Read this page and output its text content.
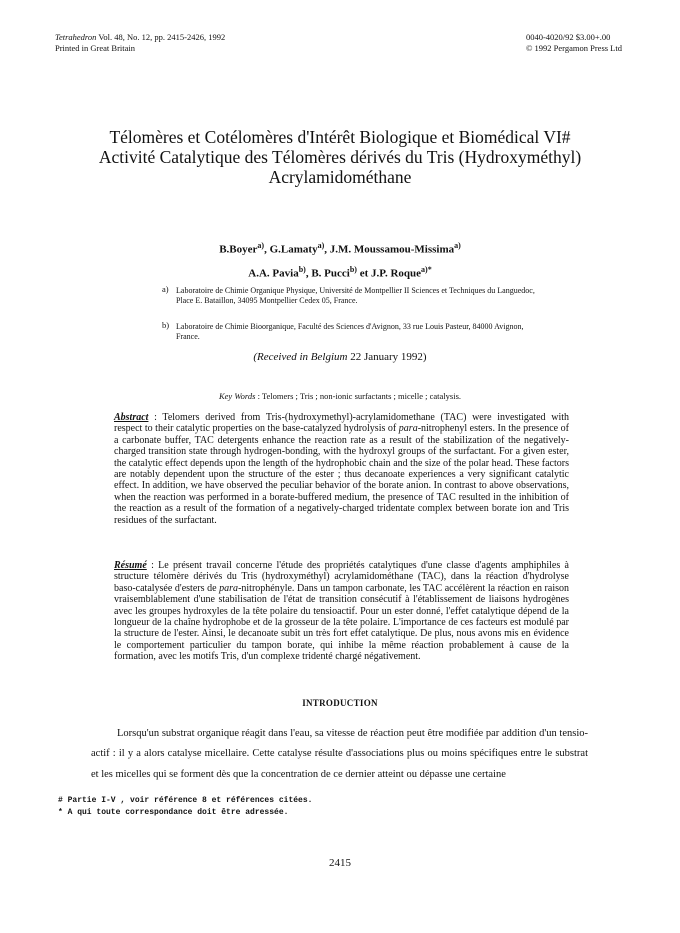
Tetrahedron Vol. 48, No. 12, pp. 2415-2426, 1992
Printed in Great Britain
0040-4020/92 $3.00+.00
© 1992 Pergamon Press Ltd
Télomères et Cotélomères d'Intérêt Biologique et Biomédical VI#
Activité Catalytique des Télomères dérivés du Tris (Hydroxyméthyl)
Acrylamidométhane
B.Boyer$^{a)}$, G.Lamaty$^{a)}$, J.M. Moussamou-Missima$^{a)}$
A.A. Pavia$^{b)}$, B. Pucci$^{b)}$ et J.P. Roque$^{a)*}$
a) Laboratoire de Chimie Organique Physique, Université de Montpellier II Sciences et Techniques du Languedoc, Place E. Bataillon, 34095 Montpellier Cedex 05, France.
b) Laboratoire de Chimie Bioorganique, Faculté des Sciences d'Avignon, 33 rue Louis Pasteur, 84000 Avignon, France.
(Received in Belgium 22 January 1992)
Key Words : Telomers ; Tris ; non-ionic surfactants ; micelle ; catalysis.
Abstract : Telomers derived from Tris-(hydroxymethyl)-acrylamidomethane (TAC) were investigated with respect to their catalytic properties on the base-catalyzed hydrolysis of para-nitrophenyl esters. In the presence of a carbonate buffer, TAC detergents enhance the reaction rate as a result of the stabilization of the negatively-charged transition state through hydrogen-bonding, with the hydroxyl groups of the surfactant. For a given ester, the catalytic effect depends upon the length of the hydrophobic chain and the size of the polar head. These factors are notably dependent upon the structure of the ester ; thus decanoate experiences a very significant catalytic effect. In addition, we have observed the peculiar behavior of the borate anion. In contrast to above observations, when the reaction was performed in a borate-buffered medium, the presence of TAC resulted in the inhibition of the reaction as a result of the formation of a negatively-charged tridentate complex between borate ion and Tris residues of the surfactant.
Résumé : Le présent travail concerne l'étude des propriétés catalytiques d'une classe d'agents amphiphiles à structure télomère dérivés du Tris (hydroxyméthyl) acrylamidométhane (TAC), dans la réaction d'hydrolyse baso-catalysée d'esters de para-nitrophényle. Dans un tampon carbonate, les TAC accélèrent la réaction en raison vraisemblablement d'une stabilisation de l'état de transition consécutif à l'établissement de liaisons hydrogènes avec les groupes hydroxyles de la tête polaire du tensioactif. Pour un ester donné, l'effet catalytique dépend de la longueur de la chaîne hydrophobe et de la grosseur de la tête polaire. L'importance de ces facteurs est modulé par la structure de l'ester. Ainsi, le decanoate subit un très fort effet catalytique. De plus, nous avons mis en évidence le comportement particulier du tampon borate, qui inhibe la même réaction probablement à cause de la formation, avec les motifs Tris, d'un complexe tridenté chargé négativement.
INTRODUCTION
Lorsqu'un substrat organique réagit dans l'eau, sa vitesse de réaction peut être modifiée par addition d'un tensio-actif : il y a alors catalyse micellaire. Cette catalyse résulte d'associations plus ou moins spécifiques entre le substrat et les micelles qui se forment dès que la concentration de ce dernier atteint ou dépasse une certaine
# Partie I-V , voir référence 8 et références citées.
* A qui toute correspondance doit être adressée.
2415
